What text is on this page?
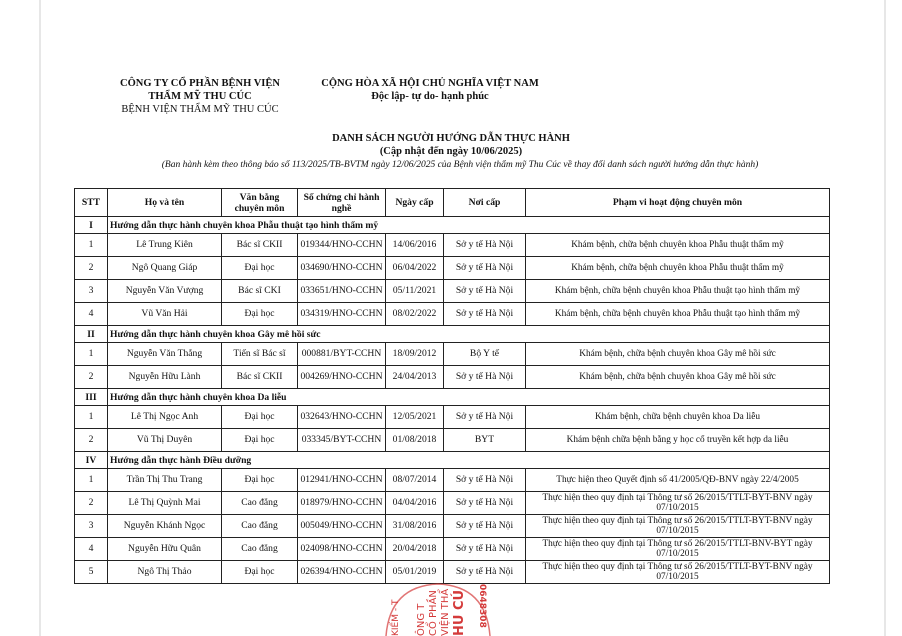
CÔNG TY CỔ PHẦN BỆNH VIỆN
THẨM MỸ THU CÚC
BỆNH VIỆN THẨM MỸ THU CÚC
CỘNG HÒA XÃ HỘI CHỦ NGHĨA VIỆT NAM
Độc lập- tự do- hạnh phúc
DANH SÁCH NGƯỜI HƯỚNG DẪN THỰC HÀNH
(Cập nhật đến ngày 10/06/2025)
(Ban hành kèm theo thông báo số 113/2025/TB-BVTM ngày 12/06/2025 của Bệnh viện thẩm mỹ Thu Cúc về thay đổi danh sách người hướng dẫn thực hành)
STT	Họ và tên	Văn bằng chuyên môn	Số chứng chỉ hành nghề	Ngày cấp	Nơi cấp	Phạm vi hoạt động chuyên môn
I	Hướng dẫn thực hành chuyên khoa Phẫu thuật tạo hình thẩm mỹ					
1	Lê Trung Kiên	Bác sĩ CKII	019344/HNO-CCHN	14/06/2016	Sở y tế Hà Nội	Khám bệnh, chữa bệnh chuyên khoa Phẫu thuật thẩm mỹ
2	Ngô Quang Giáp	Đại học	034690/HNO-CCHN	06/04/2022	Sở y tế Hà Nội	Khám bệnh, chữa bệnh chuyên khoa Phẫu thuật thẩm mỹ
3	Nguyễn Văn Vượng	Bác sĩ CKI	033651/HNO-CCHN	05/11/2021	Sở y tế Hà Nội	Khám bệnh, chữa bệnh chuyên khoa Phẫu thuật tạo hình thẩm mỹ
4	Vũ Văn Hải	Đại học	034319/HNO-CCHN	08/02/2022	Sở y tế Hà Nội	Khám bệnh, chữa bệnh chuyên khoa Phẫu thuật tạo hình thẩm mỹ
II	Hướng dẫn thực hành chuyên khoa Gây mê hồi sức					
1	Nguyễn Văn Thắng	Tiến sĩ Bác sĩ	000881/BYT-CCHN	18/09/2012	Bộ Y tế	Khám bệnh, chữa bệnh chuyên khoa Gây mê hồi sức
2	Nguyễn Hữu Lành	Bác sĩ CKII	004269/HNO-CCHN	24/04/2013	Sở y tế Hà Nội	Khám bệnh, chữa bệnh chuyên khoa Gây mê hồi sức
III	Hướng dẫn thực hành chuyên khoa Da liễu					
1	Lê Thị Ngọc Anh	Đại học	032643/HNO-CCHN	12/05/2021	Sở y tế Hà Nội	Khám bệnh, chữa bệnh chuyên khoa Da liễu
2	Vũ Thị Duyên	Đại học	033345/BYT-CCHN	01/08/2018	BYT	Khám bệnh chữa bệnh bằng y học cổ truyền kết hợp da liễu
IV	Hướng dẫn thực hành Điều dưỡng					
1	Trần Thị Thu Trang	Đại học	012941/HNO-CCHN	08/07/2014	Sở y tế Hà Nội	Thực hiện theo Quyết định số 41/2005/QĐ-BNV ngày 22/4/2005
2	Lê Thị Quỳnh Mai	Cao đẳng	018979/HNO-CCHN	04/04/2016	Sở y tế Hà Nội	Thực hiện theo quy định tại Thông tư số 26/2015/TTLT-BYT-BNV ngày 07/10/2015
3	Nguyễn Khánh Ngọc	Cao đẳng	005049/HNO-CCHN	31/08/2016	Sở y tế Hà Nội	Thực hiện theo quy định tại Thông tư số 26/2015/TTLT-BYT-BNV ngày 07/10/2015
4	Nguyễn Hữu Quân	Cao đẳng	024098/HNO-CCHN	20/04/2018	Sở y tế Hà Nội	Thực hiện theo quy định tại Thông tư số 26/2015/TTLT-BNV-BYT ngày 07/10/2015
5	Ngô Thị Thảo	Đại học	026394/HNO-CCHN	05/01/2019	Sở y tế Hà Nội	Thực hiện theo quy định tại Thông tư số 26/2015/TTLT-BYT-BNV ngày 07/10/2015
KIẾM - T ÔNG T CỔ PHẦN VIỆN THẨ HU CÚ 0648308
